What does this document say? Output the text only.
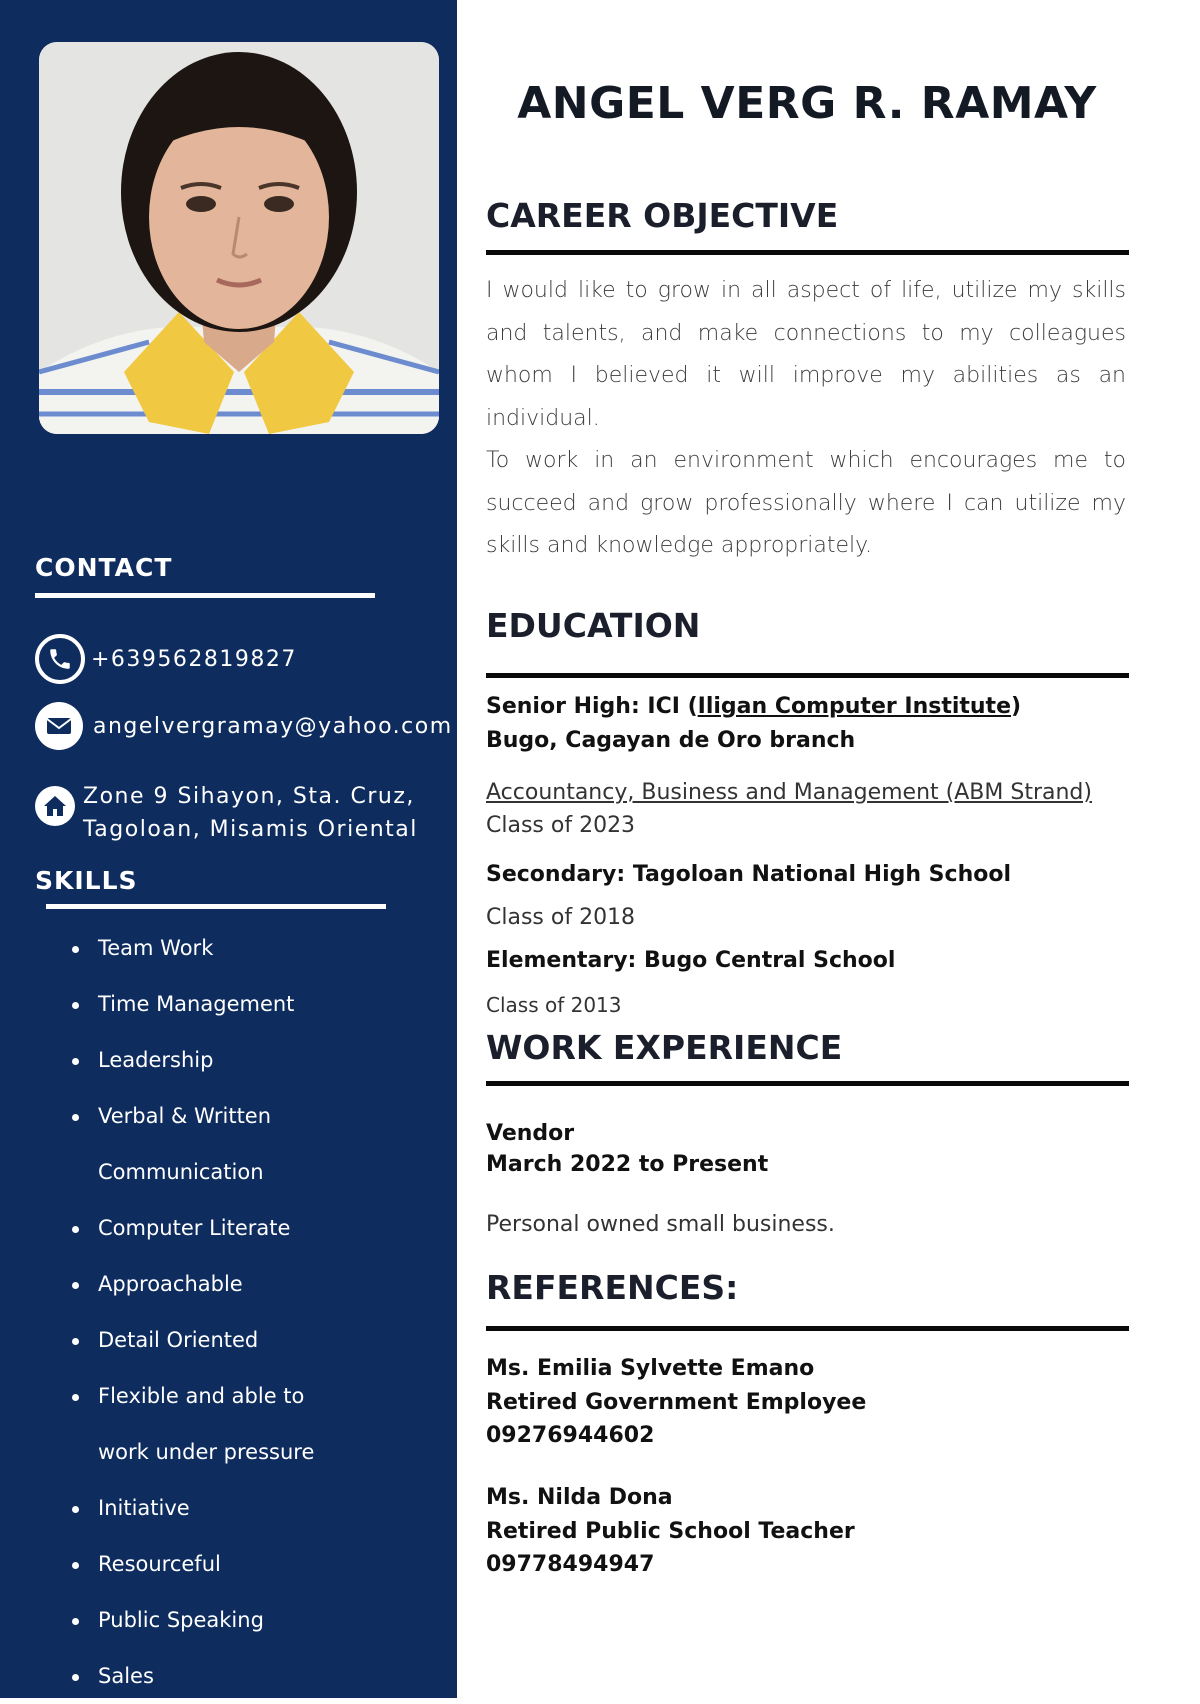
CONTACT
+639562819827
angelvergramay@yahoo.com
Zone 9 Sihayon, Sta. Cruz,
Tagoloan, Misamis Oriental
SKILLS
Team Work
Time Management
Leadership
Verbal & Written
Communication
Computer Literate
Approachable
Detail Oriented
Flexible and able to
work under pressure
Initiative
Resourceful
Public Speaking
Sales
ANGEL VERG R. RAMAY
CAREER OBJECTIVE
I would like to grow in all aspect of life, utilize my skills and talents, and make connections to my colleagues whom I believed it will improve my abilities as an individual.
To work in an environment which encourages me to succeed and grow professionally where I can utilize my skills and knowledge appropriately.
EDUCATION
Senior High: ICI (Iligan Computer Institute)
Bugo, Cagayan de Oro branch
Accountancy, Business and Management (ABM Strand)
Class of 2023
Secondary: Tagoloan National High School
Class of 2018
Elementary: Bugo Central School
Class of 2013
WORK EXPERIENCE
Vendor
March 2022 to Present
Personal owned small business.
REFERENCES:
Ms. Emilia Sylvette Emano
Retired Government Employee
09276944602
Ms. Nilda Dona
Retired Public School Teacher
09778494947
